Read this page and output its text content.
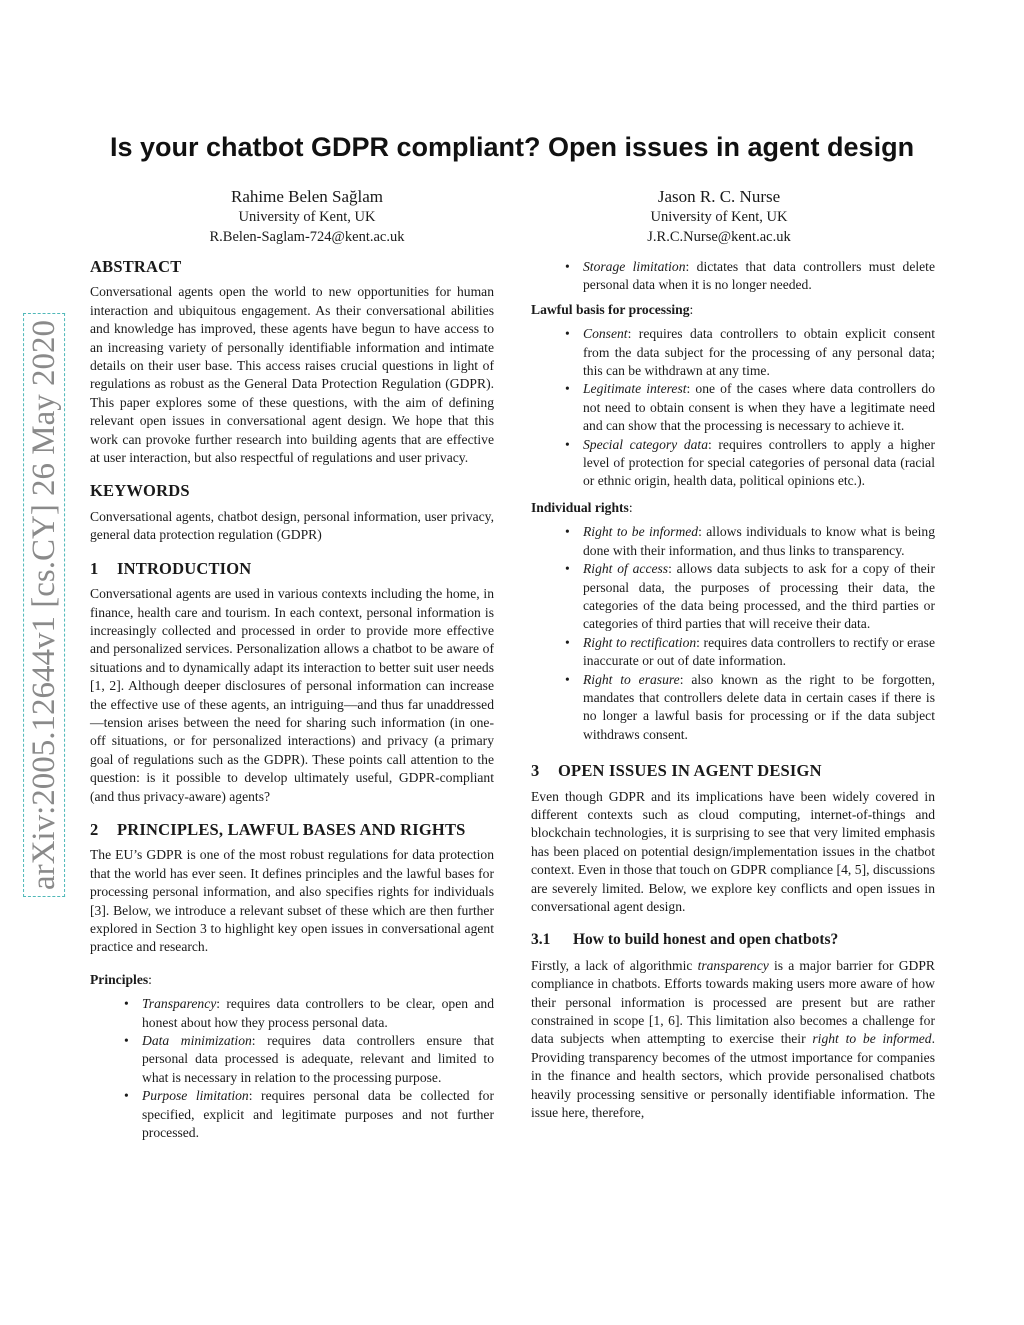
arXiv:2005.12644v1 [cs.CY] 26 May 2020
Is your chatbot GDPR compliant? Open issues in agent design
Rahime Belen Sağlam
University of Kent, UK
R.Belen-Saglam-724@kent.ac.uk
Jason R. C. Nurse
University of Kent, UK
J.R.C.Nurse@kent.ac.uk
ABSTRACT

Conversational agents open the world to new opportunities for human interaction and ubiquitous engagement. As their conversational abilities and knowledge has improved, these agents have begun to have access to an increasing variety of personally identifiable information and intimate details on their user base. This access raises crucial questions in light of regulations as robust as the General Data Protection Regulation (GDPR). This paper explores some of these questions, with the aim of defining relevant open issues in conversational agent design. We hope that this work can provoke further research into building agents that are effective at user interaction, but also respectful of regulations and user privacy.

KEYWORDS

Conversational agents, chatbot design, personal information, user privacy, general data protection regulation (GDPR)

1 INTRODUCTION

Conversational agents are used in various contexts including the home, in finance, health care and tourism. In each context, personal information is increasingly collected and processed in order to provide more effective and personalized services. Personalization allows a chatbot to be aware of situations and to dynamically adapt its interaction to better suit user needs [1, 2]. Although deeper disclosures of personal information can increase the effective use of these agents, an intriguing—and thus far unaddressed—tension arises between the need for sharing such information (in one-off situations, or for personalized interactions) and privacy (a primary goal of regulations such as the GDPR). These points call attention to the question: is it possible to develop ultimately useful, GDPR-compliant (and thus privacy-aware) agents?

2 PRINCIPLES, LAWFUL BASES AND RIGHTS

The EU’s GDPR is one of the most robust regulations for data protection that the world has ever seen. It defines principles and the lawful bases for processing personal information, and also specifies rights for individuals [3]. Below, we introduce a relevant subset of these which are then further explored in Section 3 to highlight key open issues in conversational agent practice and research.

Principles:
• Transparency: requires data controllers to be clear, open and honest about how they process personal data.
• Data minimization: requires data controllers ensure that personal data processed is adequate, relevant and limited to what is necessary in relation to the processing purpose.
• Purpose limitation: requires personal data be collected for specified, explicit and legitimate purposes and not further processed.
• Storage limitation: dictates that data controllers must delete personal data when it is no longer needed.
Lawful basis for processing:
• Consent: requires data controllers to obtain explicit consent from the data subject for the processing of any personal data; this can be withdrawn at any time.
• Legitimate interest: one of the cases where data controllers do not need to obtain consent is when they have a legitimate need and can show that the processing is necessary to achieve it.
• Special category data: requires controllers to apply a higher level of protection for special categories of personal data (racial or ethnic origin, health data, political opinions etc.).
Individual rights:
• Right to be informed: allows individuals to know what is being done with their information, and thus links to transparency.
• Right of access: allows data subjects to ask for a copy of their personal data, the purposes of processing their data, the categories of the data being processed, and the third parties or categories of third parties that will receive their data.
• Right to rectification: requires data controllers to rectify or erase inaccurate or out of date information.
• Right to erasure: also known as the right to be forgotten, mandates that controllers delete data in certain cases if there is no longer a lawful basis for processing or if the data subject withdraws consent.
3 OPEN ISSUES IN AGENT DESIGN

Even though GDPR and its implications have been widely covered in different contexts such as cloud computing, internet-of-things and blockchain technologies, it is surprising to see that very limited emphasis has been placed on potential design/implementation issues in the chatbot context. Even in those that touch on GDPR compliance [4, 5], discussions are severely limited. Below, we explore key conflicts and open issues in conversational agent design.

3.1 How to build honest and open chatbots?

Firstly, a lack of algorithmic transparency is a major barrier for GDPR compliance in chatbots. Efforts towards making users more aware of how their personal information is processed are present but are rather constrained in scope [1, 6]. This limitation also becomes a challenge for data subjects when attempting to exercise their right to be informed. Providing transparency becomes of the utmost importance for companies in the finance and health sectors, which provide personalised chatbots heavily processing sensitive or personally identifiable information. The issue here, therefore,
